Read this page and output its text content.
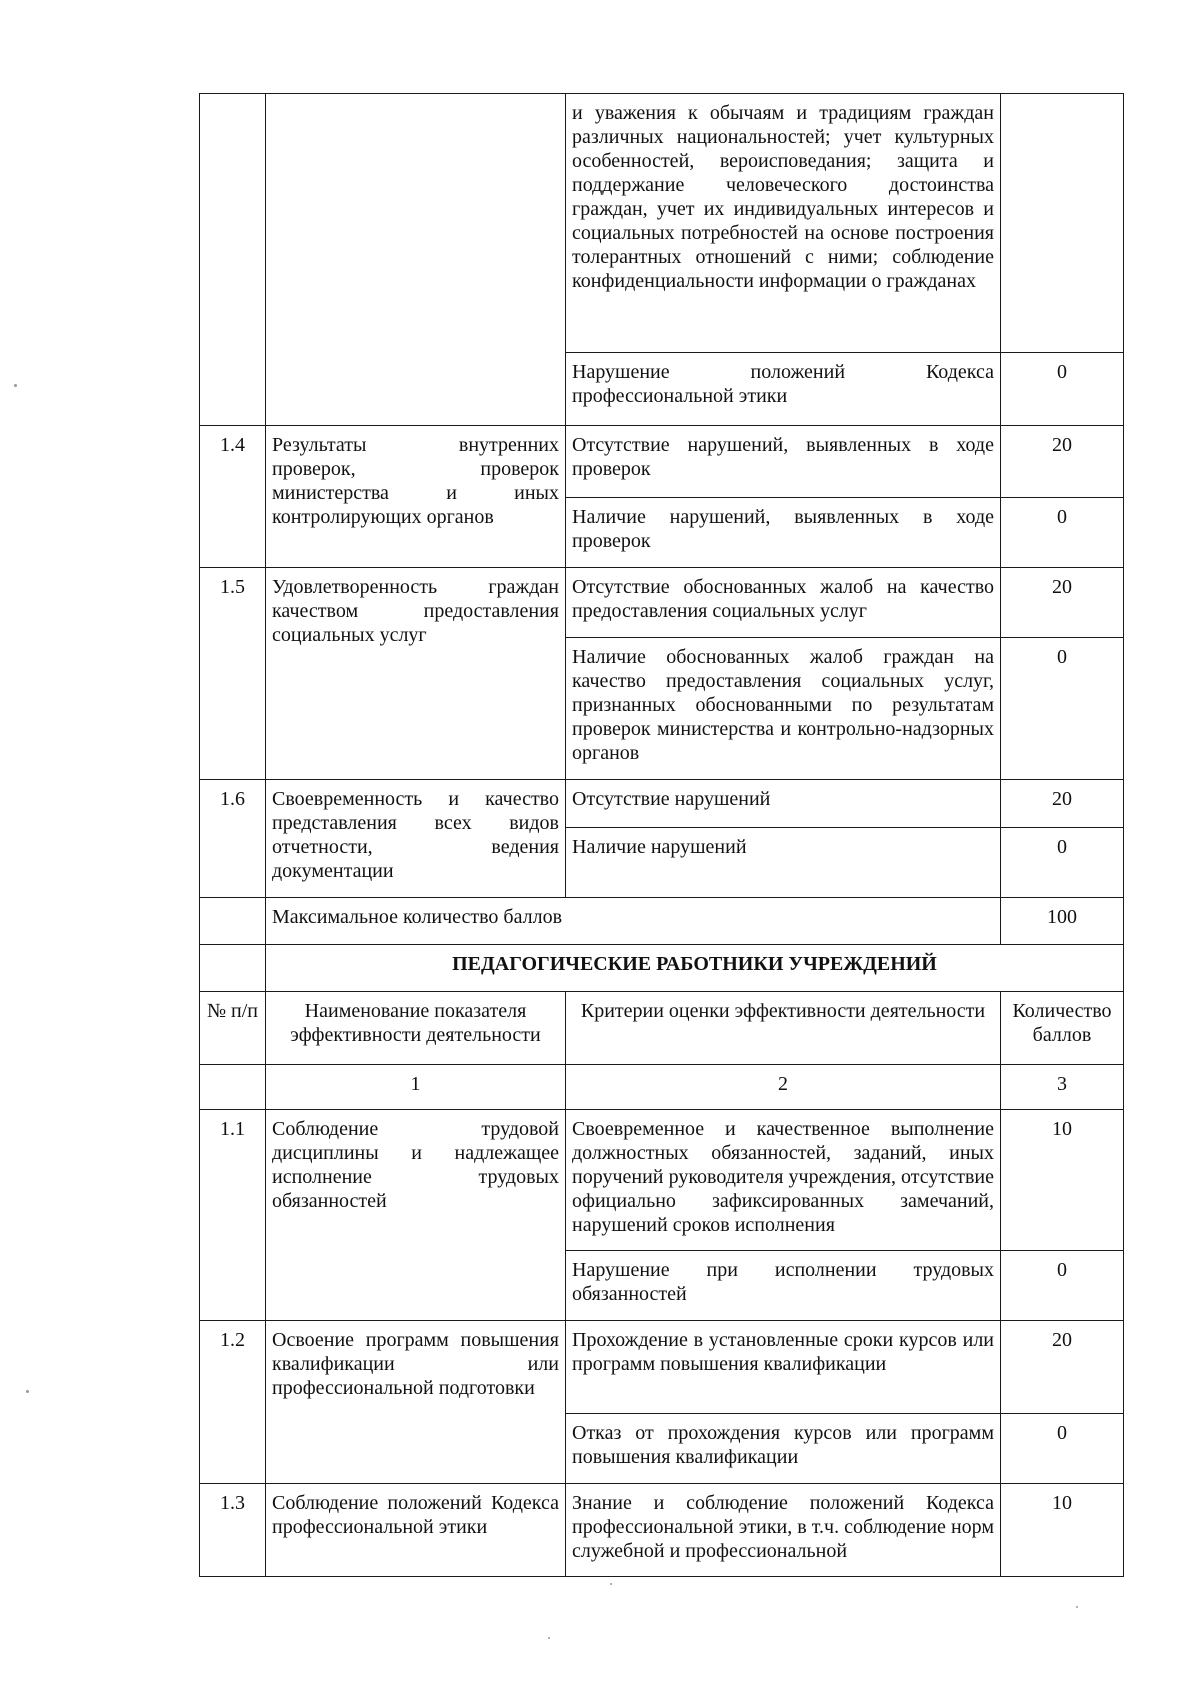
		и уважения к обычаям и традициям граждан различных национальностей; учет культурных особенностей, вероисповедания; защита и поддержание человеческого достоинства граждан, учет их индивидуальных интересов и социальных потребностей на основе построения толерантных отношений с ними; соблюдение конфиденциальности информации о гражданах	
		Нарушение положений Кодекса профессиональной этики	0
1.4	Результаты внутренних проверок, проверок министерства и иных контролирующих органов	Отсутствие нарушений, выявленных в ходе проверок	20
		Наличие нарушений, выявленных в ходе проверок	0
1.5	Удовлетворенность граждан качеством предоставления социальных услуг	Отсутствие обоснованных жалоб на качество предоставления социальных услуг	20
		Наличие обоснованных жалоб граждан на качество предоставления социальных услуг, признанных обоснованными по результатам проверок министерства и контрольно-надзорных органов	0
1.6	Своевременность и качество представления всех видов отчетности, ведения документации	Отсутствие нарушений	20
		Наличие нарушений	0
	Максимальное количество баллов		100
	ПЕДАГОГИЧЕСКИЕ РАБОТНИКИ УЧРЕЖДЕНИЙ		
№ п/п	Наименование показателя эффективности деятельности	Критерии оценки эффективности деятельности	Количество баллов
	1	2	3
1.1	Соблюдение трудовой дисциплины и надлежащее исполнение трудовых обязанностей	Своевременное и качественное выполнение должностных обязанностей, заданий, иных поручений руководителя учреждения, отсутствие официально зафиксированных замечаний, нарушений сроков исполнения	10
		Нарушение при исполнении трудовых обязанностей	0
1.2	Освоение программ повышения квалификации или профессиональной подготовки	Прохождение в установленные сроки курсов или программ повышения квалификации	20
		Отказ от прохождения курсов или программ повышения квалификации	0
1.3	Соблюдение положений Кодекса профессиональной этики	Знание и соблюдение положений Кодекса профессиональной этики, в т.ч. соблюдение норм служебной и профессиональной	10
